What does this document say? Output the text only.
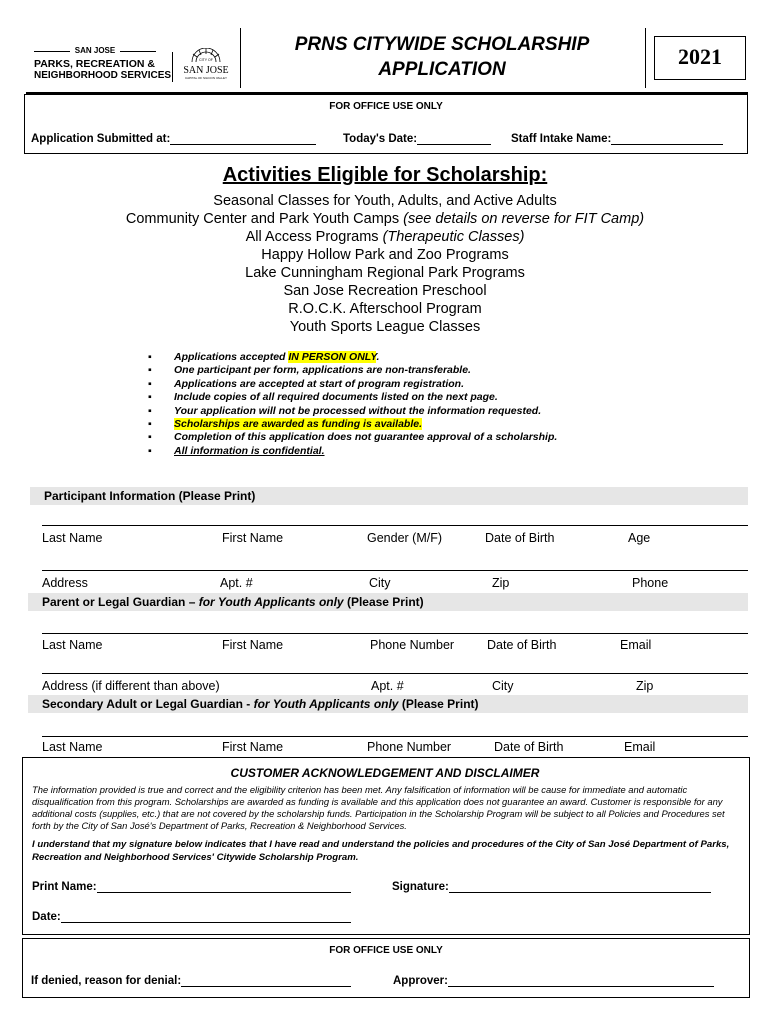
SAN JOSE
PARKS, RECREATION &
NEIGHBORHOOD SERVICES
CITY OF
SAN JOSE
CAPITAL OF SILICON VALLEY
PRNS CITYWIDE SCHOLARSHIP
APPLICATION
2021
FOR OFFICE USE ONLY
Application Submitted at:	Today's Date:	Staff Intake Name:
Activities Eligible for Scholarship:
Seasonal Classes for Youth, Adults, and Active Adults
Community Center and Park Youth Camps (see details on reverse for FIT Camp)
All Access Programs (Therapeutic Classes)
Happy Hollow Park and Zoo Programs
Lake Cunningham Regional Park Programs
San Jose Recreation Preschool
R.O.C.K. Afterschool Program
Youth Sports League Classes
▪ Applications accepted IN PERSON ONLY.
▪ One participant per form, applications are non-transferable.
▪ Applications are accepted at start of program registration.
▪ Include copies of all required documents listed on the next page.
▪ Your application will not be processed without the information requested.
▪ Scholarships are awarded as funding is available.
▪ Completion of this application does not guarantee approval of a scholarship.
▪ All information is confidential.
Participant Information (Please Print)
Last Name	First Name	Gender (M/F)	Date of Birth	Age
Address	Apt. #	City	Zip	Phone
Parent or Legal Guardian – for Youth Applicants only (Please Print)
Last Name	First Name	Phone Number	Date of Birth	Email
Address (if different than above)	Apt. #	City	Zip
Secondary Adult or Legal Guardian - for Youth Applicants only (Please Print)
Last Name	First Name	Phone Number	Date of Birth	Email
CUSTOMER ACKNOWLEDGEMENT AND DISCLAIMER
The information provided is true and correct and the eligibility criterion has been met. Any falsification of information will be cause for immediate and automatic disqualification from this program. Scholarships are awarded as funding is available and this application does not guarantee an award. Customer is responsible for any additional costs (supplies, etc.) that are not covered by the scholarship funds. Participation in the Scholarship Program will be subject to all Policies and Procedures set forth by the City of San José's Department of Parks, Recreation & Neighborhood Services.
I understand that my signature below indicates that I have read and understand the policies and procedures of the City of San José Department of Parks, Recreation and Neighborhood Services' Citywide Scholarship Program.
Print Name:	Signature:
Date:
FOR OFFICE USE ONLY
If denied, reason for denial:	Approver:
